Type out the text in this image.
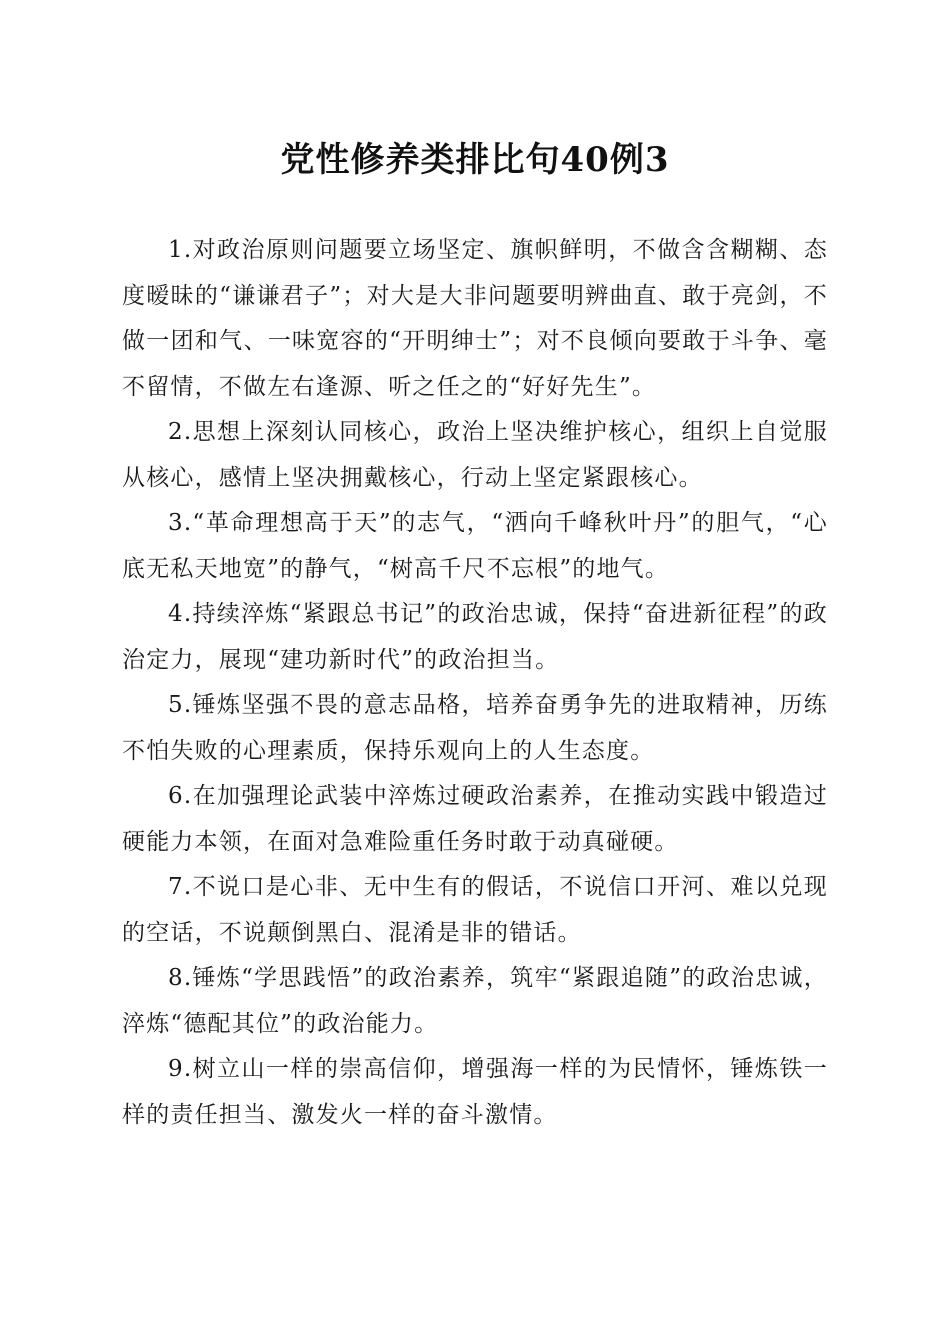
党性修养类排比句40例3

1.对政治原则问题要立场坚定、旗帜鲜明，不做含含糊糊、态度暧昧的“谦谦君子”；对大是大非问题要明辨曲直、敢于亮剑，不做一团和气、一味宽容的“开明绅士”；对不良倾向要敢于斗争、毫不留情，不做左右逢源、听之任之的“好好先生”。

2.思想上深刻认同核心，政治上坚决维护核心，组织上自觉服从核心，感情上坚决拥戴核心，行动上坚定紧跟核心。

3.“革命理想高于天”的志气，“洒向千峰秋叶丹”的胆气，“心底无私天地宽”的静气，“树高千尺不忘根”的地气。

4.持续淬炼“紧跟总书记”的政治忠诚，保持“奋进新征程”的政治定力，展现“建功新时代”的政治担当。

5.锤炼坚强不畏的意志品格，培养奋勇争先的进取精神，历练不怕失败的心理素质，保持乐观向上的人生态度。

6.在加强理论武装中淬炼过硬政治素养，在推动实践中锻造过硬能力本领，在面对急难险重任务时敢于动真碰硬。

7.不说口是心非、无中生有的假话，不说信口开河、难以兑现的空话，不说颠倒黑白、混淆是非的错话。

8.锤炼“学思践悟”的政治素养，筑牢“紧跟追随”的政治忠诚，淬炼“德配其位”的政治能力。

9.树立山一样的崇高信仰，增强海一样的为民情怀，锤炼铁一样的责任担当、激发火一样的奋斗激情。
